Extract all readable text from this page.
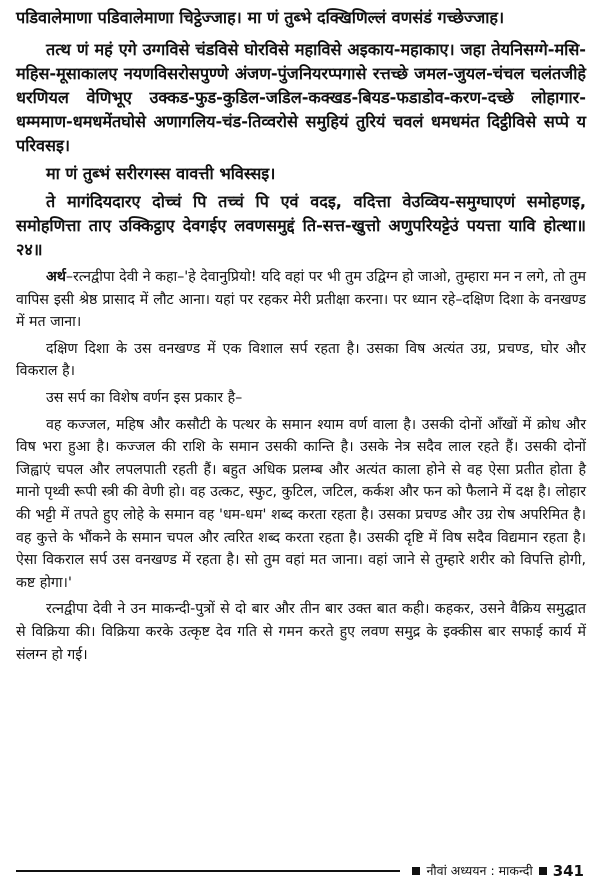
पडिवालेमाणा पडिवालेमाणा चिट्ठेज्जाह। मा णं तुब्भे दक्खिणिल्लं वणसंडं गच्छेज्जाह।

तत्थ णं महं एगे उग्गविसे चंडविसे घोरविसे महाविसे अइकाय-महाकाए। जहा तेयनिसग्गे-मसि-महिस-मूसाकालए नयणविसरोसपुण्णे अंजण-पुंजनियरप्पगासे रत्तच्छे जमल-जुयल-चंचल चलंतजीहे धरणियल वेणिभूए उक्कड-फुड-कुडिल-जडिल-कक्खड-बियड-फडाडोव-करण-दच्छे लोहागार-धम्ममाण-धमधमेंतघोसे अणागलिय-चंड-तिव्वरोसे समुहियं तुरियं चवलं धमधमंत दिट्ठीविसे सप्पे य परिवसइ।

मा णं तुब्भं सरीरगस्स वावत्ती भविस्सइ।

ते मागंदियदारए दोच्चं पि तच्चं पि एवं वदइ, वदित्ता वेउव्विय-समुग्घाएणं समोहणइ, समोहणित्ता ताए उक्किट्ठाए देवगईए लवणसमुद्दं ति-सत्त-खुत्तो अणुपरियट्टेउं पयत्ता यावि होत्था॥२४॥

अर्थ–रत्नद्वीपा देवी ने कहा–'हे देवानुप्रियो! यदि वहां पर भी तुम उद्विग्न हो जाओ, तुम्हारा मन न लगे, तो तुम वापिस इसी श्रेष्ठ प्रासाद में लौट आना। यहां पर रहकर मेरी प्रतीक्षा करना। पर ध्यान रहे–दक्षिण दिशा के वनखण्ड में मत जाना।

दक्षिण दिशा के उस वनखण्ड में एक विशाल सर्प रहता है। उसका विष अत्यंत उग्र, प्रचण्ड, घोर और विकराल है।

उस सर्प का विशेष वर्णन इस प्रकार है–

वह कज्जल, महिष और कसौटी के पत्थर के समान श्याम वर्ण वाला है। उसकी दोनों आँखों में क्रोध और विष भरा हुआ है। कज्जल की राशि के समान उसकी कान्ति है। उसके नेत्र सदैव लाल रहते हैं। उसकी दोनों जिह्वाएं चपल और लपलपाती रहती हैं। बहुत अधिक प्रलम्ब और अत्यंत काला होने से वह ऐसा प्रतीत होता है मानो पृथ्वी रूपी स्त्री की वेणी हो। वह उत्कट, स्फुट, कुटिल, जटिल, कर्कश और फन को फैलाने में दक्ष है। लोहार की भट्टी में तपते हुए लोहे के समान वह 'धम-धम' शब्द करता रहता है। उसका प्रचण्ड और उग्र रोष अपरिमित है। वह कुत्ते के भौंकने के समान चपल और त्वरित शब्द करता रहता है। उसकी दृष्टि में विष सदैव विद्यमान रहता है। ऐसा विकराल सर्प उस वनखण्ड में रहता है। सो तुम वहां मत जाना। वहां जाने से तुम्हारे शरीर को विपत्ति होगी, कष्ट होगा।'

रत्नद्वीपा देवी ने उन माकन्दी-पुत्रों से दो बार और तीन बार उक्त बात कही। कहकर, उसने वैक्रिय समुद्घात से विक्रिया की। विक्रिया करके उत्कृष्ट देव गति से गमन करते हुए लवण समुद्र के इक्कीस बार सफाई कार्य में संलग्न हो गई।

नौवां अध्ययन : माकन्दी 341
